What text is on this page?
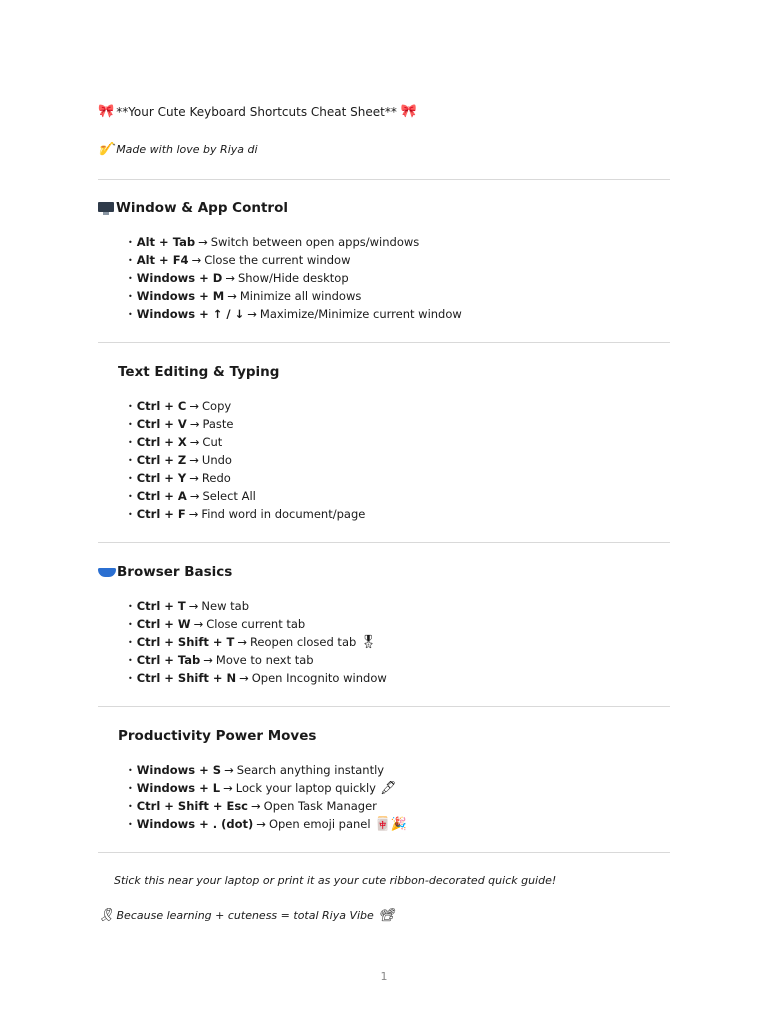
🎀 **Your Cute Keyboard Shortcuts Cheat Sheet** 🎀
🎷 Made with love by Riya di
Window & App Control
• Alt + Tab → Switch between open apps/windows
• Alt + F4 → Close the current window
• Windows + D → Show/Hide desktop
• Windows + M → Minimize all windows
• Windows + ↑ / ↓ → Maximize/Minimize current window
Text Editing & Typing
• Ctrl + C → Copy
• Ctrl + V → Paste
• Ctrl + X → Cut
• Ctrl + Z → Undo
• Ctrl + Y → Redo
• Ctrl + A → Select All
• Ctrl + F → Find word in document/page
Browser Basics
• Ctrl + T → New tab
• Ctrl + W → Close current tab
• Ctrl + Shift + T → Reopen closed tab 🎖
• Ctrl + Tab → Move to next tab
• Ctrl + Shift + N → Open Incognito window
Productivity Power Moves
• Windows + S → Search anything instantly
• Windows + L → Lock your laptop quickly 🖋
• Ctrl + Shift + Esc → Open Task Manager
• Windows + . (dot) → Open emoji panel 🀄🎉
Stick this near your laptop or print it as your cute ribbon-decorated quick guide!
🎗 Because learning + cuteness = total Riya Vibe 📽
1
